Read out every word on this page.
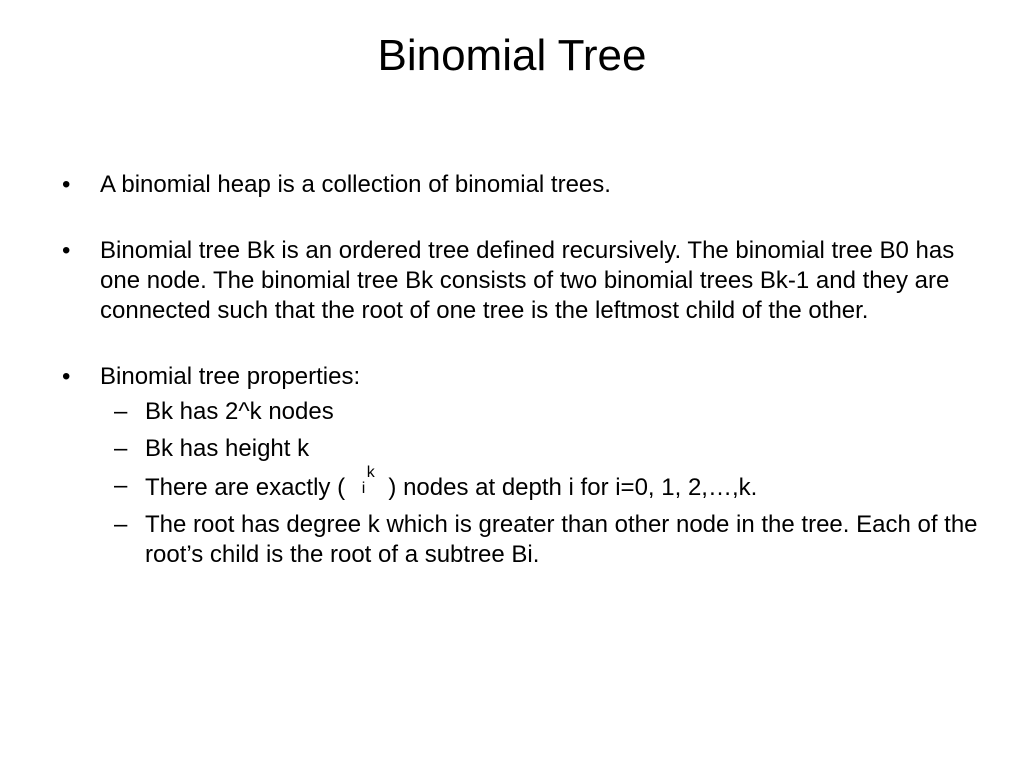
Binomial Tree
• A binomial heap is a collection of binomial trees.
• Binomial tree Bk is an ordered tree defined recursively. The binomial tree B0 has one node. The binomial tree Bk consists of two binomial trees Bk-1 and they are connected such that the root of one tree is the leftmost child of the other.
• Binomial tree properties:
– Bk has 2^k nodes
– Bk has height k
– There are exactly (
k
i ) nodes at depth i for i=0, 1, 2,…,k.
– The root has degree k which is greater than other node in the tree. Each of the root’s child is the root of a subtree Bi.
